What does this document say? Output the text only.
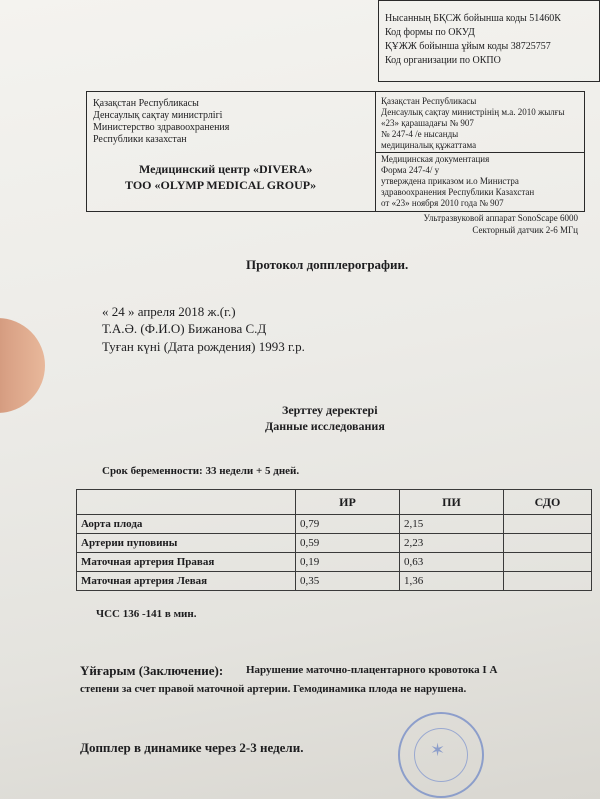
Нысанның БҚСЖ бойынша коды 51460К
Код формы по ОКУД
ҚҰЖЖ бойынша ұйым коды 38725757
Код организации по ОКПО
Қазақстан Республикасы
Денсаулық сақтау министрлігі
Министерство здравоохранения
Республики казахстан
Медицинский центр «DIVERA»
ТОО «OLYMP MEDICAL GROUP»
Қазақстан Республикасы
Денсаулық сақтау министрінің м.а. 2010 жылғы
«23» қарашадағы № 907
№ 247-4 /е нысанды
медициналық құжаттама
Медицинская документация
Форма 247-4/ у
утверждена приказом и.о Министра
здравоохранения Республики Казахстан
от «23» ноября 2010 года № 907
Ультразвуковой аппарат SonoScape 6000
Секторный датчик 2-6 МГц
Протокол допплерографии.
« 24 » апреля 2018 ж.(г.)
Т.А.Ә. (Ф.И.О) Бижанова С.Д
Туған күні (Дата рождения) 1993 г.р.
Зерттеу деректері
Данные исследования
Срок беременности: 33 недели + 5 дней.
	ИР	ПИ	СДО
Аорта плода	0,79	2,15	
Артерии пуповины	0,59	2,23	
Маточная артерия Правая	0,19	0,63	
Маточная артерия Левая	0,35	1,36	
ЧСС 136 -141 в мин.
Үйғарым (Заключение): Нарушение маточно-плацентарного кровотока I А
степени за счет правой маточной артерии. Гемодинамика плода не нарушена.
Допплер в динамике через 2-3 недели.	✶
